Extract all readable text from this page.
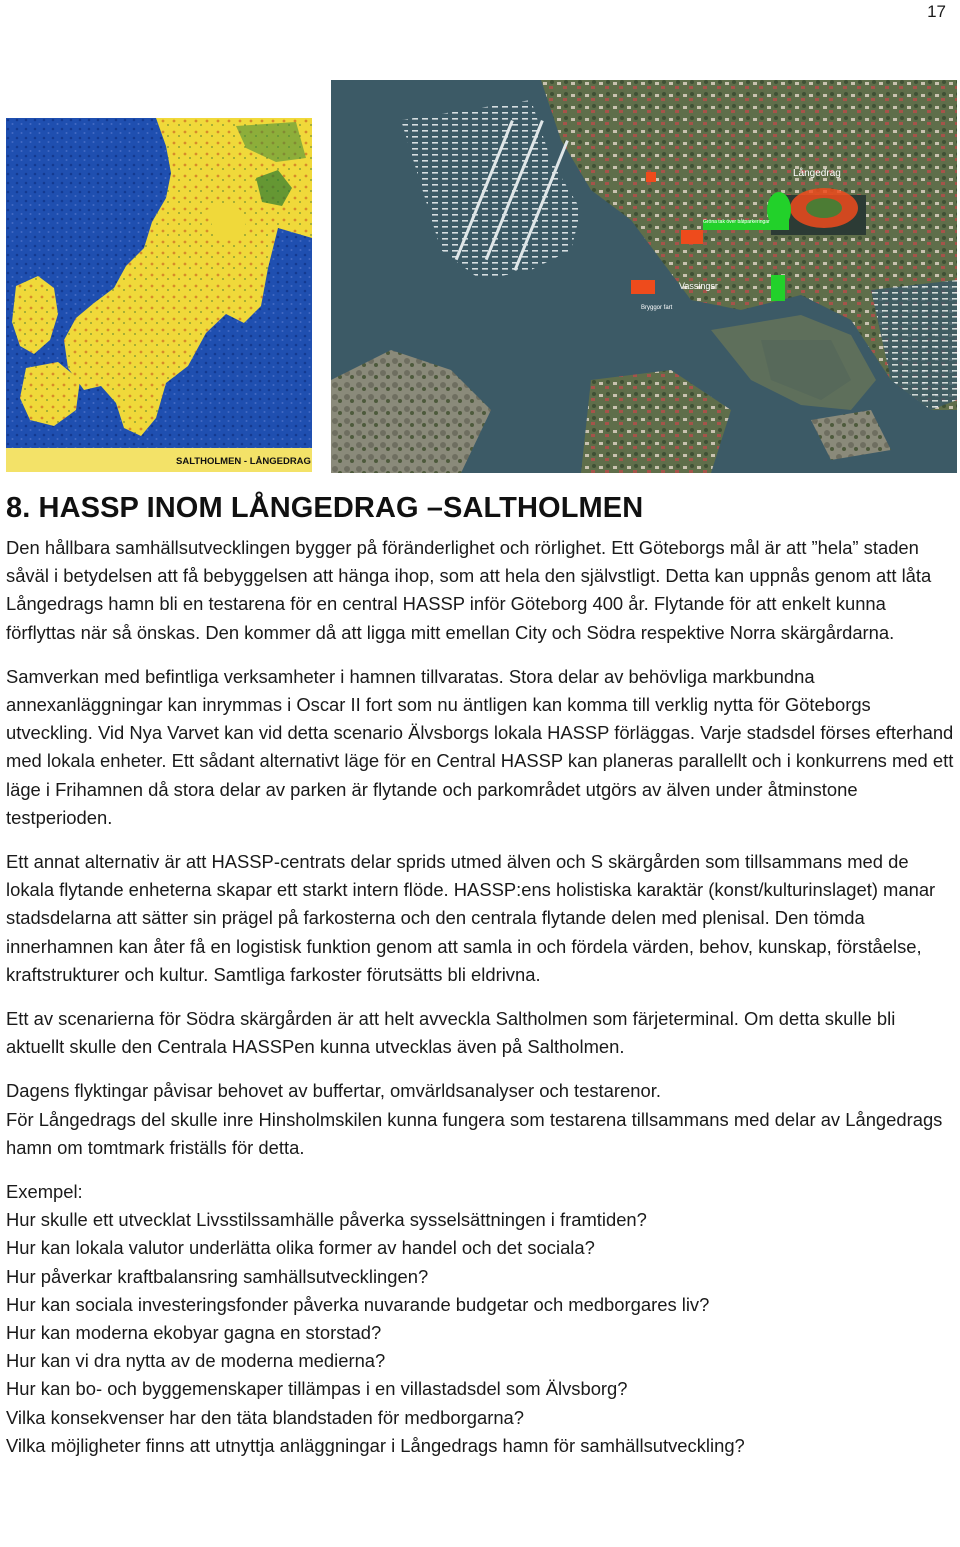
17
SALTHOLMEN - LÅNGEDRAG
Långedrag
Gröna tak över båtparkeringar
Vassingsr
Bryggor fart
8. HASSP INOM LÅNGEDRAG –SALTHOLMEN

Den hållbara samhällsutvecklingen bygger på föränderlighet och rörlighet. Ett Göteborgs mål är att ”hela” staden såväl i betydelsen att få bebyggelsen att hänga ihop, som att hela den självstligt. Detta kan uppnås genom att låta Långedrags hamn bli en testarena för en central HASSP inför Göteborg 400 år. Flytande för att enkelt kunna förflyttas när så önskas. Den kommer då att ligga mitt emellan City och Södra respektive Norra skärgårdarna.

Samverkan med befintliga verksamheter i hamnen tillvaratas. Stora delar av behövliga markbundna annexanläggningar kan inrymmas i Oscar II fort som nu äntligen kan komma till verklig nytta för Göteborgs utveckling. Vid Nya Varvet kan vid detta scenario Älvsborgs lokala HASSP förläggas. Varje stadsdel förses efterhand med lokala enheter. Ett sådant alternativt läge för en Central HASSP kan planeras parallellt och i konkurrens med ett läge i Frihamnen då stora delar av parken är flytande och parkområdet utgörs av älven under åtminstone testperioden.

Ett annat alternativ är att HASSP-centrats delar sprids utmed älven och S skärgården som tillsammans med de lokala flytande enheterna skapar ett starkt intern flöde. HASSP:ens holistiska karaktär (konst/kulturinslaget) manar stadsdelarna att sätter sin prägel på farkosterna och den centrala flytande delen med plenisal. Den tömda innerhamnen kan åter få en logistisk funktion genom att samla in och fördela värden, behov, kunskap, förståelse, kraftstrukturer och kultur. Samtliga farkoster förutsätts bli eldrivna.

Ett av scenarierna för Södra skärgården är att helt avveckla Saltholmen som färjeterminal. Om detta skulle bli aktuellt skulle den Centrala HASSPen kunna utvecklas även på Saltholmen.

Dagens flyktingar påvisar behovet av buffertar, omvärldsanalyser och testarenor.

För Långedrags del skulle inre Hinsholmskilen kunna fungera som testarena tillsammans med delar av Långedrags hamn om tomtmark friställs för detta.

Exempel:
Hur skulle ett utvecklat Livsstilssamhälle påverka sysselsättningen i framtiden?
Hur kan lokala valutor underlätta olika former av handel och det sociala?
Hur påverkar kraftbalansring samhällsutvecklingen?
Hur kan sociala investeringsfonder påverka nuvarande budgetar och medborgares liv?
Hur kan moderna ekobyar gagna en storstad?
Hur kan vi dra nytta av de moderna medierna?
Hur kan bo- och byggemenskaper tillämpas i en villastadsdel som Älvsborg?
Vilka konsekvenser har den täta blandstaden för medborgarna?
Vilka möjligheter finns att utnyttja anläggningar i Långedrags hamn för samhällsutveckling?
